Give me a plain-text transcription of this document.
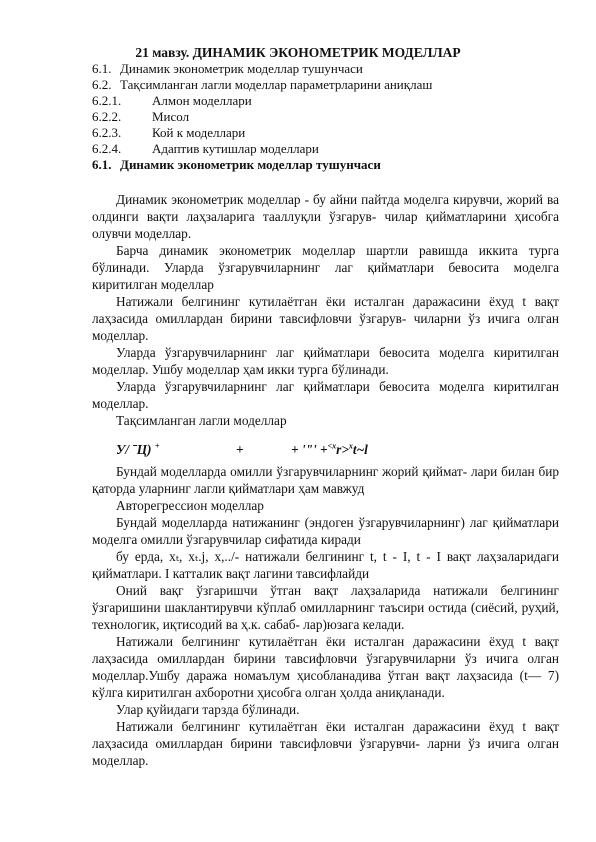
21 мавзу. ДИНАМИК ЭКОНОМЕТРИК МОДЕЛЛАР
6.1. Динамик эконометрик моделлар тушунчаси
6.2. Тақсимланган лагли моделлар параметрларини аниқлаш
6.2.1.	Алмон моделлари
6.2.2.	Мисол
6.2.3.	Кой к моделлари
6.2.4.	Адаптив кутишлар моделлари
6.1. Динамик эконометрик моделлар тушунчаси

Динамик эконометрик моделлар - бу айни пайтда моделга кирувчи, жорий ва олдинги вақти лаҳзаларига тааллуқли ўзгарув- чилар қийматларини ҳисобга олувчи моделлар.

Барча динамик эконометрик моделлар шартли равишда иккита турга бўлинади. Уларда ўзгарувчиларнинг лаг қийматлари бевосита моделга киритилган моделлар

Натижали белгининг кутилаётган ёки исталган даражасини ёхуд t вақт лаҳзасида омиллардан бирини тавсифловчи ўзгарув- чиларни ўз ичига олган моделлар.

Уларда ўзгарувчиларнинг лаг қийматлари бевосита моделга киритилган моделлар. Ушбу моделлар ҳам икки турга бўлинади.

Уларда ўзгарувчиларнинг лаг қийматлари бевосита моделга киритилган моделлар.

Тақсимланган лагли моделлар

У/ ˉЦ) +	+	+ '"' +$^{<x}$r>$^x$t~l

Бундай моделларда омилли ўзгарувчиларнинг жорий қиймат- лари билан бир қаторда уларнинг лагли қийматлари ҳам мавжуд

Авторегрессион моделлар

Бундай моделларда натижанинг (эндоген ўзгарувчиларнинг) лаг қийматлари моделга омилли ўзгарувчилар сифатида киради

бу ерда, xₜ, xₜ.j, x,../- натижали белгининг t, t - I, t - I вақт лаҳзаларидаги қийматлари. I катталик вақт лагини тавсифлайди

Оний вақг ўзгаришчи ўтган вақт лаҳзаларида натижали белгининг ўзгаришини шаклантирувчи кўплаб омилларнинг таъсири остида (сиёсий, руҳий, технологик, иқтисодий ва ҳ.к. сабаб- лар)юзага келади.

Натижали белгининг кутилаётган ёки исталган даражасини ёхуд t вақт лаҳзасида омиллардан бирини тавсифловчи ўзгарувчиларни ўз ичига олган моделлар.Ушбу даража номаълум ҳисобланадива ўтган вақт лаҳзасида (t— 7) кўлга киритилган ахборотни ҳисобга олган ҳолда аниқланади.

Улар қуйидаги тарзда бўлинади.

Натижали белгининг кутилаётган ёки исталган даражасини ёхуд t вақт лаҳзасида омиллардан бирини тавсифловчи ўзгарувчи- ларни ўз ичига олган моделлар.
